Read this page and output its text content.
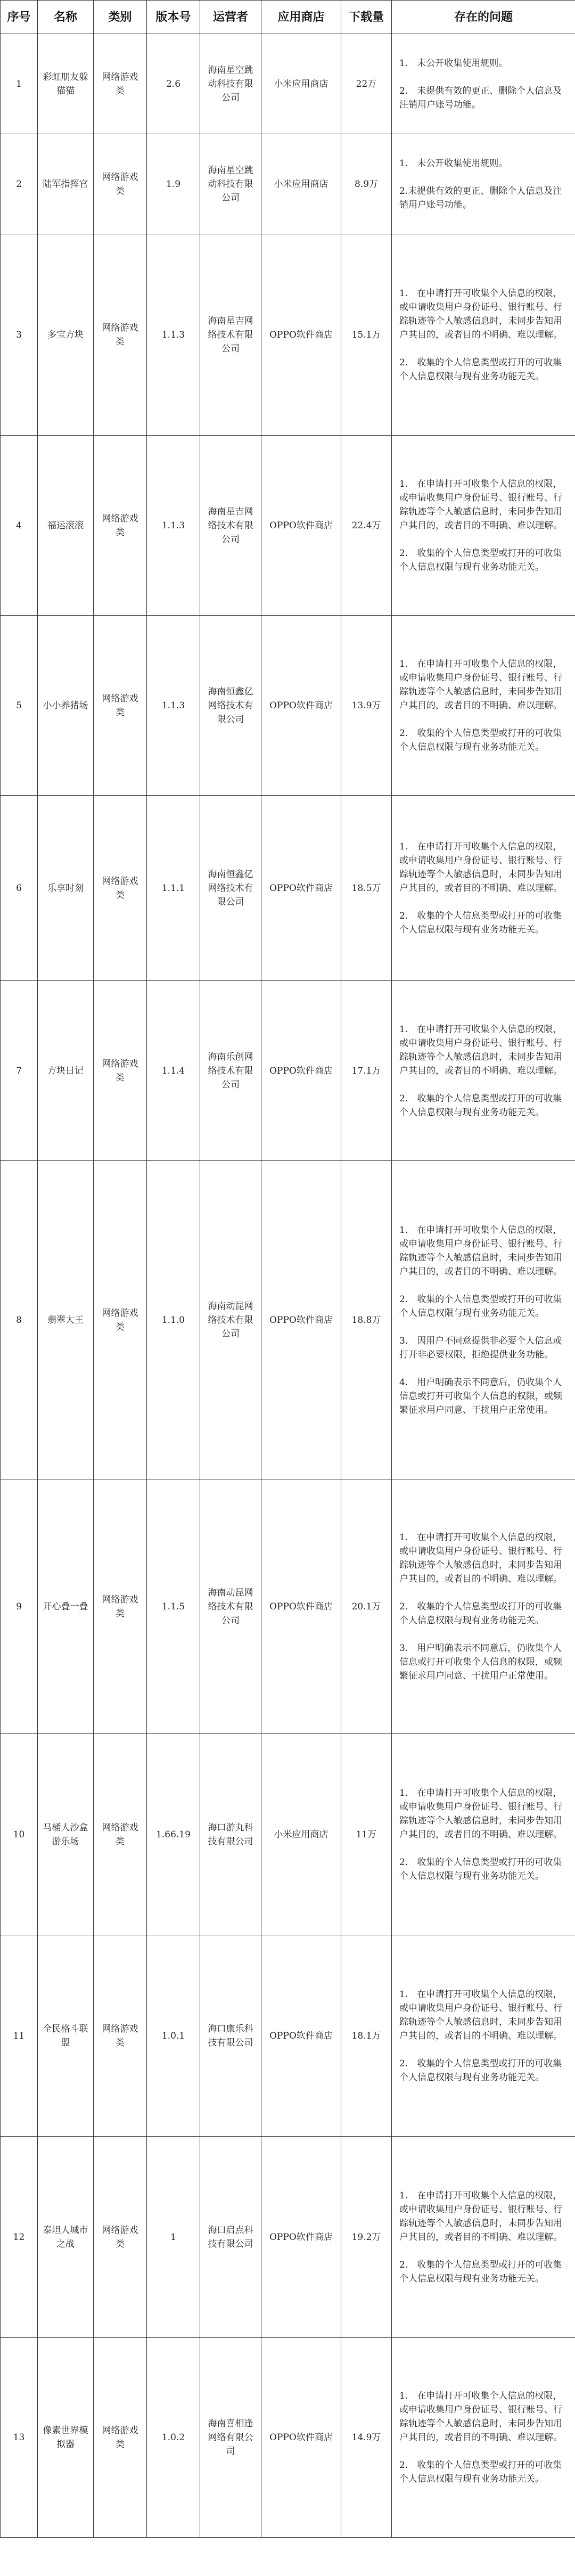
序号	名称	类别	版本号	运营者	应用商店	下载量	存在的问题
1	彩虹朋友躲猫猫	网络游戏类	2.6	海南星空跳动科技有限公司	小米应用商店	22万	1.　未公开收集使用规则。

2.　未提供有效的更正、删除个人信息及注销用户账号功能。

2	陆军指挥官	网络游戏类	1.9	海南星空跳动科技有限公司	小米应用商店	8.9万	1.　未公开收集使用规则。

2.未提供有效的更正、删除个人信息及注销用户账号功能。

3	多宝方块	网络游戏类	1.1.3	海南星吉网络技术有限公司	OPPO软件商店	15.1万	1.　在申请打开可收集个人信息的权限，或申请收集用户身份证号、银行账号、行踪轨迹等个人敏感信息时，未同步告知用户其目的，或者目的不明确、难以理解。

2.　收集的个人信息类型或打开的可收集个人信息权限与现有业务功能无关。

4	福运滚滚	网络游戏类	1.1.3	海南星吉网络技术有限公司	OPPO软件商店	22.4万	1.　在申请打开可收集个人信息的权限，或申请收集用户身份证号、银行账号、行踪轨迹等个人敏感信息时，未同步告知用户其目的，或者目的不明确、难以理解。

2.　收集的个人信息类型或打开的可收集个人信息权限与现有业务功能无关。

5	小小养猪场	网络游戏类	1.1.3	海南恒鑫亿网络技术有限公司	OPPO软件商店	13.9万	1.　在申请打开可收集个人信息的权限，或申请收集用户身份证号、银行账号、行踪轨迹等个人敏感信息时，未同步告知用户其目的，或者目的不明确、难以理解。

2.　收集的个人信息类型或打开的可收集个人信息权限与现有业务功能无关。

6	乐享时刻	网络游戏类	1.1.1	海南恒鑫亿网络技术有限公司	OPPO软件商店	18.5万	1.　在申请打开可收集个人信息的权限，或申请收集用户身份证号、银行账号、行踪轨迹等个人敏感信息时，未同步告知用户其目的，或者目的不明确、难以理解。

2.　收集的个人信息类型或打开的可收集个人信息权限与现有业务功能无关。

7	方块日记	网络游戏类	1.1.4	海南乐创网络技术有限公司	OPPO软件商店	17.1万	1.　在申请打开可收集个人信息的权限，或申请收集用户身份证号、银行账号、行踪轨迹等个人敏感信息时，未同步告知用户其目的，或者目的不明确、难以理解。

2.　收集的个人信息类型或打开的可收集个人信息权限与现有业务功能无关。

8	翡翠大王	网络游戏类	1.1.0	海南动昆网络技术有限公司	OPPO软件商店	18.8万	1.　在申请打开可收集个人信息的权限，或申请收集用户身份证号、银行账号、行踪轨迹等个人敏感信息时，未同步告知用户其目的，或者目的不明确、难以理解。

2.　收集的个人信息类型或打开的可收集个人信息权限与现有业务功能无关。

3.　因用户不同意提供非必要个人信息或打开非必要权限，拒绝提供业务功能。

4.　用户明确表示不同意后，仍收集个人信息或打开可收集个人信息的权限，或频繁征求用户同意、干扰用户正常使用。

9	开心叠一叠	网络游戏类	1.1.5	海南动昆网络技术有限公司	OPPO软件商店	20.1万	1.　在申请打开可收集个人信息的权限，或申请收集用户身份证号、银行账号、行踪轨迹等个人敏感信息时，未同步告知用户其目的，或者目的不明确、难以理解。

2.　收集的个人信息类型或打开的可收集个人信息权限与现有业务功能无关。

3.　用户明确表示不同意后，仍收集个人信息或打开可收集个人信息的权限，或频繁征求用户同意、干扰用户正常使用。

10	马桶人沙盒游乐场	网络游戏类	1.66.19	海口游丸科技有限公司	小米应用商店	11万	1.　在申请打开可收集个人信息的权限，或申请收集用户身份证号、银行账号、行踪轨迹等个人敏感信息时，未同步告知用户其目的，或者目的不明确、难以理解。

2.　收集的个人信息类型或打开的可收集个人信息权限与现有业务功能无关。

11	全民格斗联盟	网络游戏类	1.0.1	海口康乐科技有限公司	OPPO软件商店	18.1万	1.　在申请打开可收集个人信息的权限，或申请收集用户身份证号、银行账号、行踪轨迹等个人敏感信息时，未同步告知用户其目的，或者目的不明确、难以理解。

2.　收集的个人信息类型或打开的可收集个人信息权限与现有业务功能无关。

12	泰坦人城市之战	网络游戏类	1	海口启点科技有限公司	OPPO软件商店	19.2万	1.　在申请打开可收集个人信息的权限，或申请收集用户身份证号、银行账号、行踪轨迹等个人敏感信息时，未同步告知用户其目的，或者目的不明确、难以理解。

2.　收集的个人信息类型或打开的可收集个人信息权限与现有业务功能无关。

13	像素世界模拟器	网络游戏类	1.0.2	海南喜相逢网络有限公司	OPPO软件商店	14.9万	1.　在申请打开可收集个人信息的权限，或申请收集用户身份证号、银行账号、行踪轨迹等个人敏感信息时，未同步告知用户其目的，或者目的不明确、难以理解。

2.　收集的个人信息类型或打开的可收集个人信息权限与现有业务功能无关。
